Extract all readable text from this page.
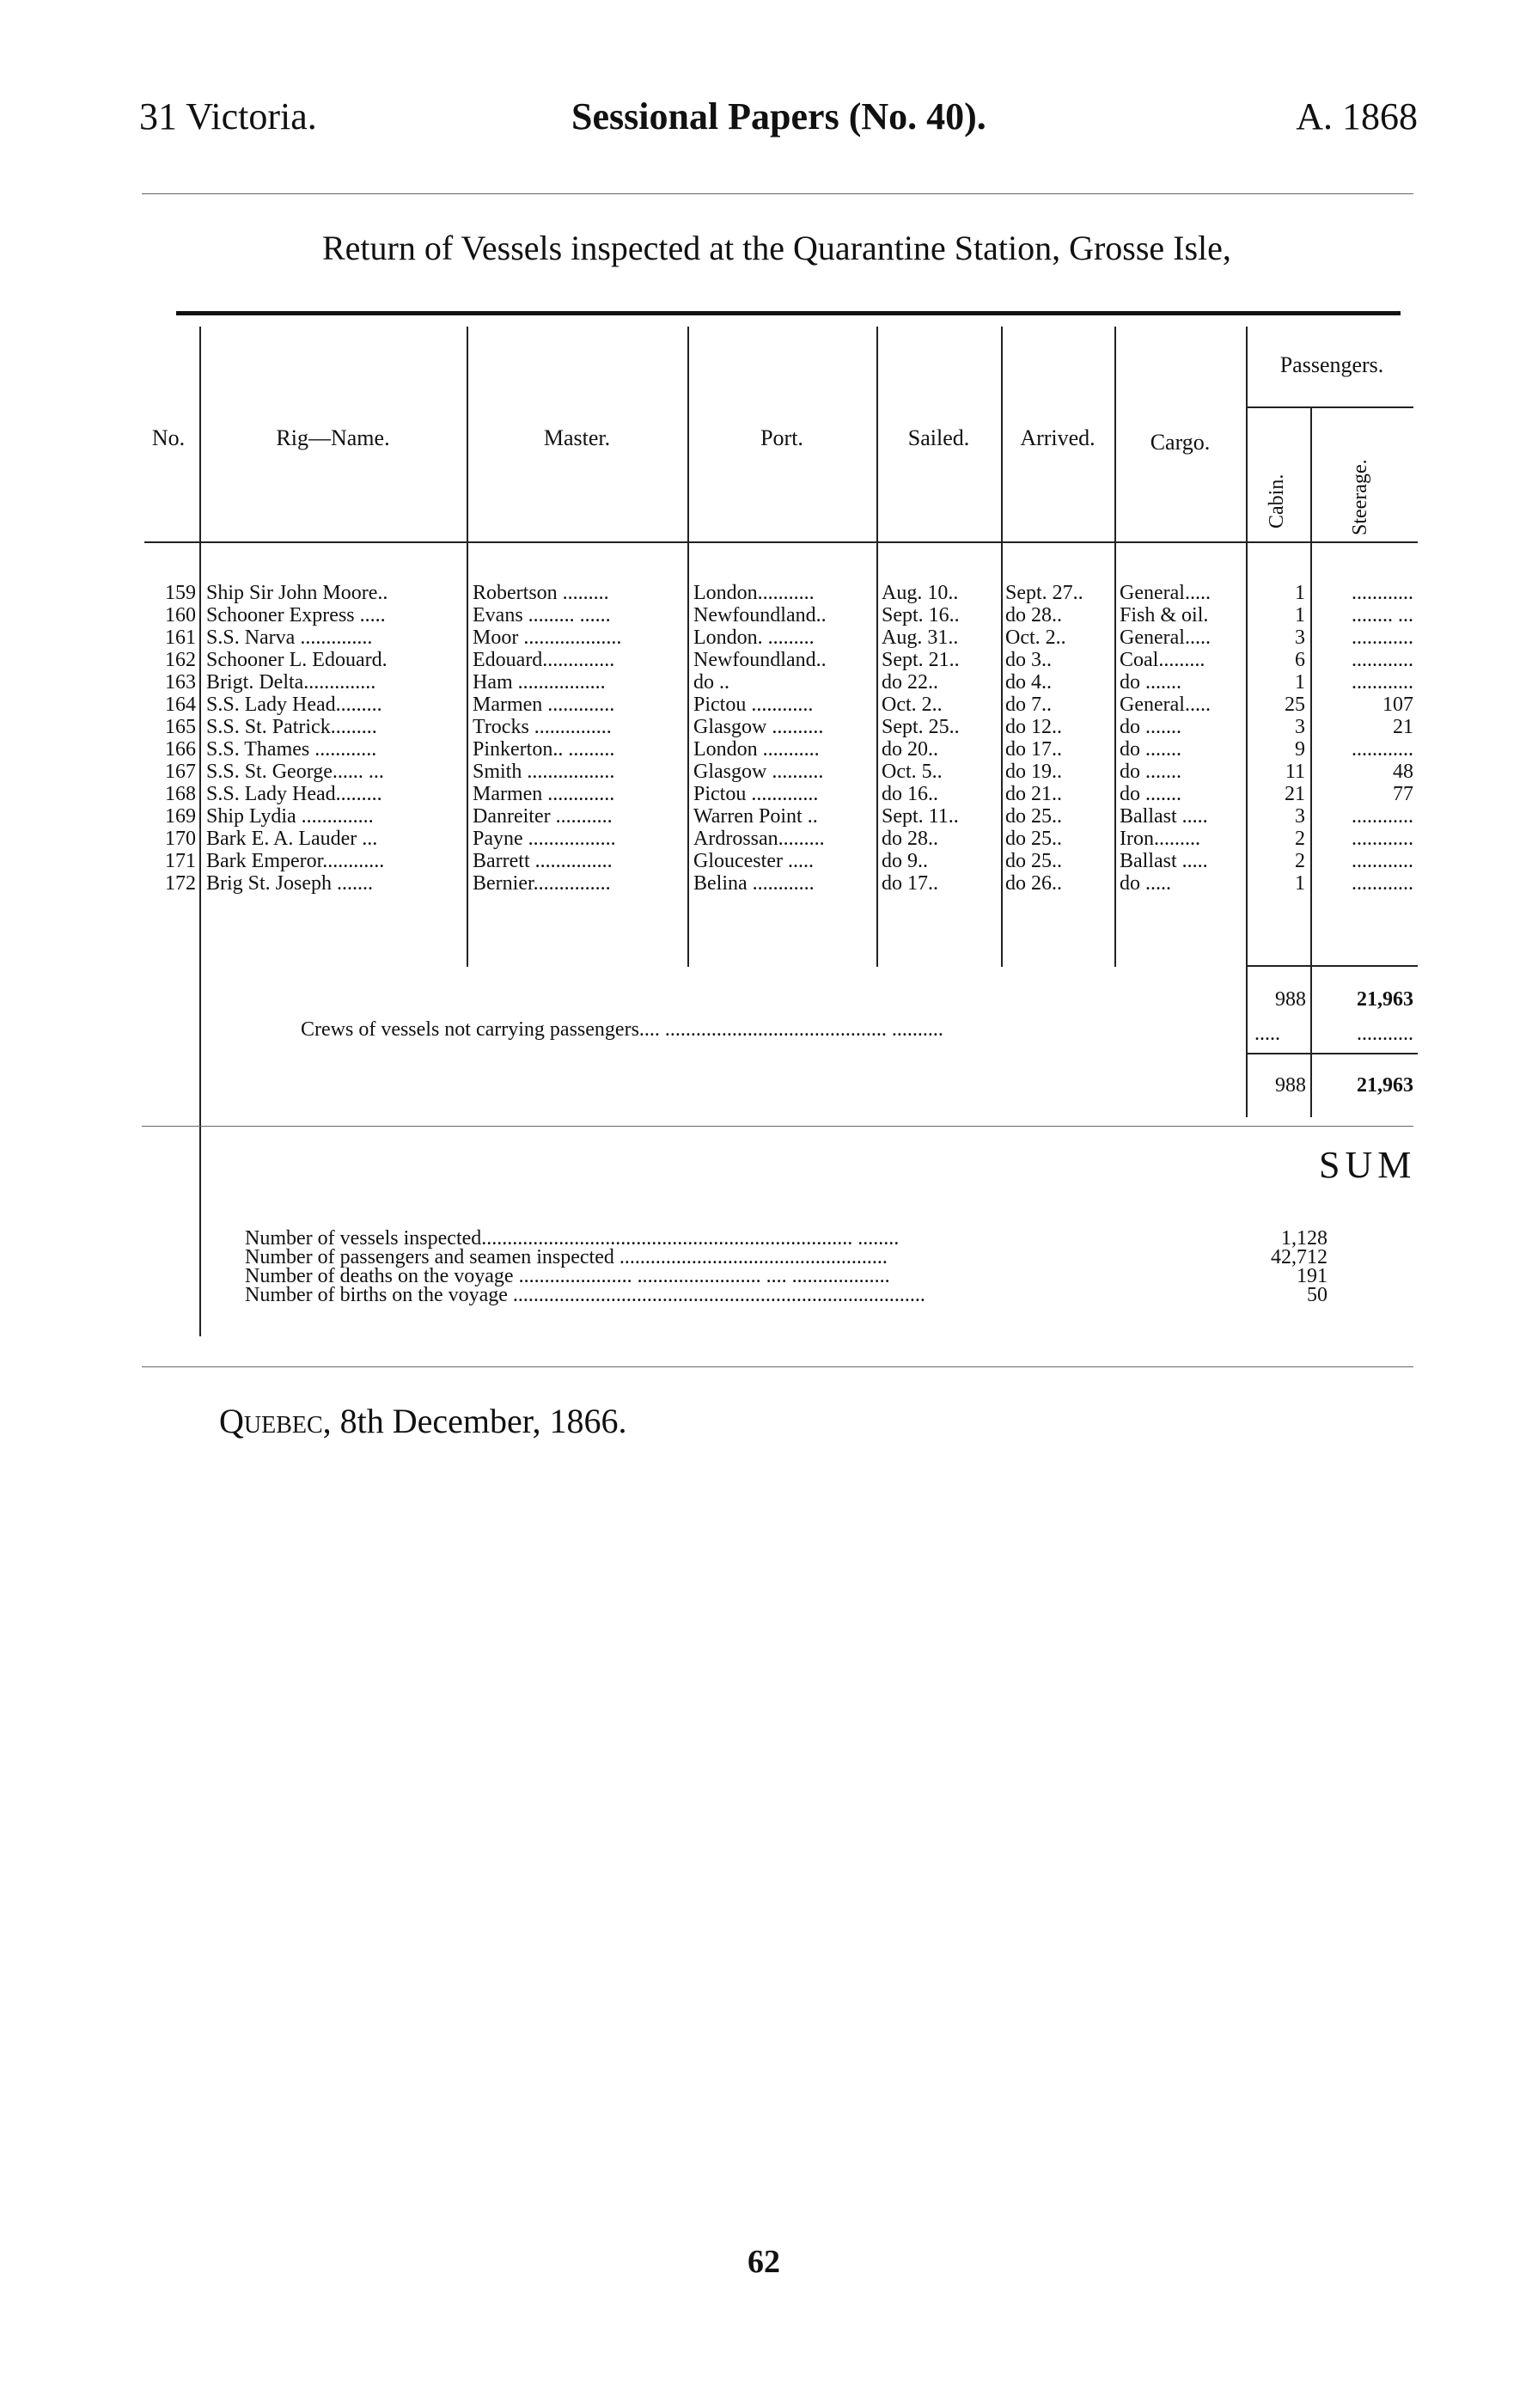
31 Victoria.	Sessional Papers (No. 40).	A. 1868
Return of Vessels inspected at the Quarantine Station, Grosse Isle,
No.	Rig—Name.	Master.	Port.	Sailed.	Arrived.	Cargo.
Passengers.
Cabin.	Steerage.
159 Ship Sir John Moore..	Robertson .........	London...........	Aug. 10..	Sept. 27..	General.....	1	............
160 Schooner Express .....	Evans ......... ......	Newfoundland..	Sept. 16..	do 28..	Fish & oil.	1	........ ...
161 S.S. Narva ..............	Moor ...................	London. .........	Aug. 31..	Oct. 2..	General.....	3	............
162 Schooner L. Edouard.	Edouard..............	Newfoundland..	Sept. 21..	do 3..	Coal.........	6	............
163 Brigt. Delta..............	Ham .................	do ..	do 22..	do 4..	do .......	1	............
164 S.S. Lady Head.........	Marmen .............	Pictou ............	Oct. 2..	do 7..	General.....	25	107
165 S.S. St. Patrick.........	Trocks ...............	Glasgow ..........	Sept. 25..	do 12..	do .......	3	21
166 S.S. Thames ............	Pinkerton.. .........	London ...........	do 20..	do 17..	do .......	9	............
167 S.S. St. George...... ...	Smith .................	Glasgow ..........	Oct. 5..	do 19..	do .......	11	48
168 S.S. Lady Head.........	Marmen .............	Pictou .............	do 16..	do 21..	do .......	21	77
169 Ship Lydia ..............	Danreiter ...........	Warren Point ..	Sept. 11..	do 25..	Ballast .....	3	............
170 Bark E. A. Lauder ...	Payne .................	Ardrossan.........	do 28..	do 25..	Iron.........	2	............
171 Bark Emperor............	Barrett ...............	Gloucester .....	do 9..	do 25..	Ballast .....	2	............
172 Brig St. Joseph .......	Bernier...............	Belina ............	do 17..	do 26..	do .....	1	............
988	21,963
Crews of vessels not carrying passengers.... ........................................... ..........	.....	...........
988	21,963
SUM
Number of vessels inspected........................................................................ ........	1,128
Number of passengers and seamen inspected ....................................................	42,712
Number of deaths on the voyage ...................... ........................ .... ...................	191
Number of births on the voyage ................................................................................	50
Quebec, 8th December, 1866.
62
